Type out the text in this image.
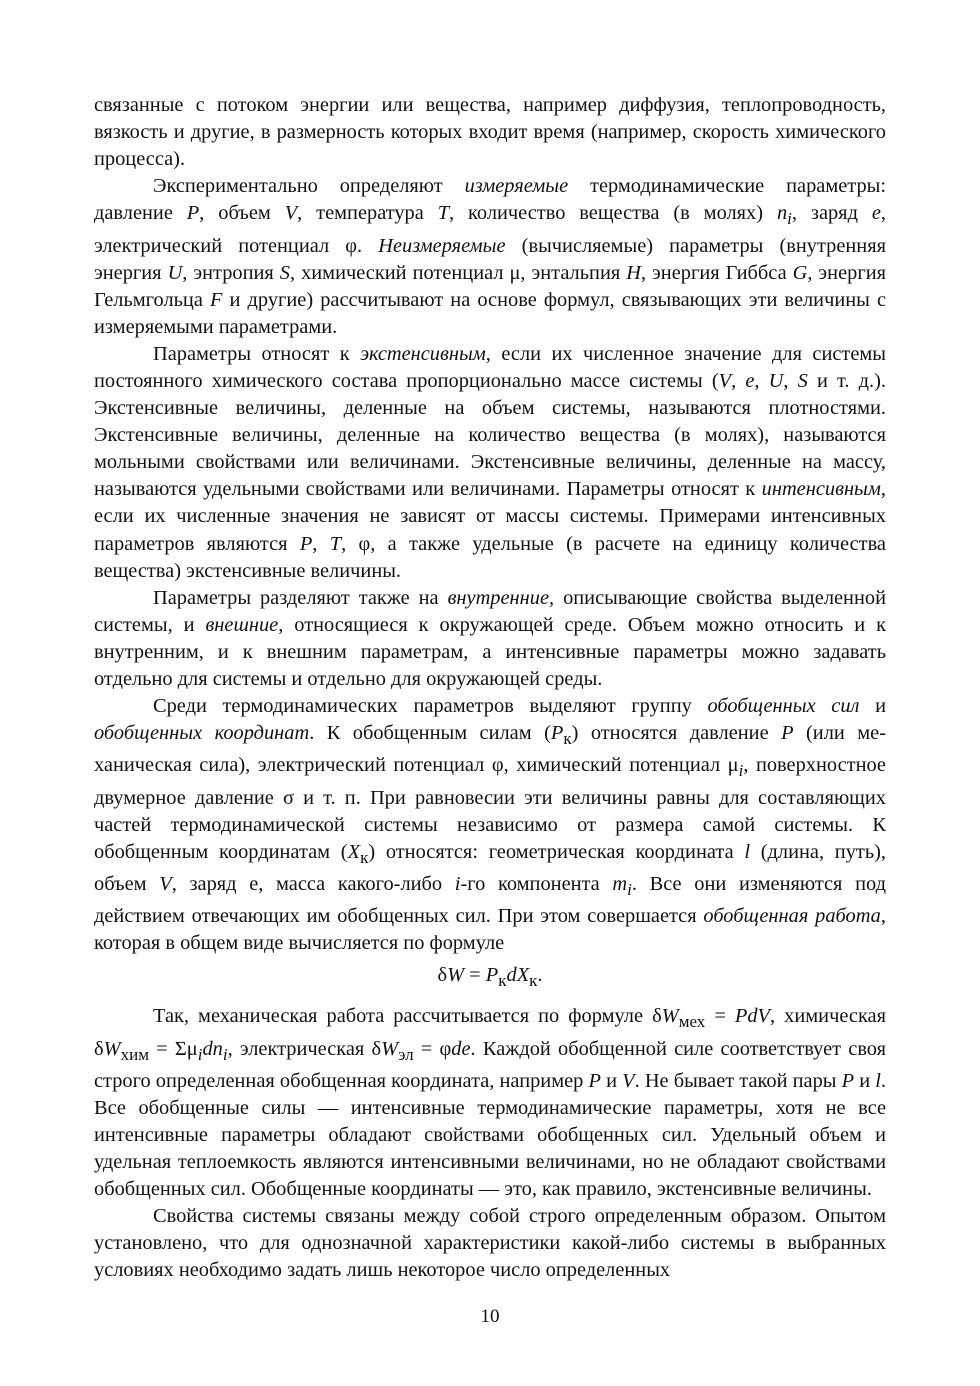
связанные с потоком энергии или вещества, например диффузия, теплопроводность, вязкость и другие, в размерность которых входит время (например, скорость химического процесса).

Экспериментально определяют измеряемые термодинамические параметры: давление P, объем V, температура T, количество вещества (в молях) $n_i$, заряд e, электрический потенциал φ. Неизмеряемые (вычисляемые) параметры (внутренняя энергия U, энтропия S, химический потенциал μ, энтальпия H, энергия Гиббса G, энергия Гельмгольца F и другие) рассчитывают на основе формул, связывающих эти величины с измеряемыми параметрами.

Параметры относят к экстенсивным, если их численное значение для системы постоянного химического состава пропорционально массе системы (V, e, U, S и т. д.). Экстенсивные величины, деленные на объем системы, называются плотностями. Экстенсивные величины, деленные на количество вещества (в молях), называются мольными свойствами или величинами. Экстенсивные величины, деленные на массу, называются удельными свойствами или величинами. Параметры относят к интенсивным, если их численные значения не зависят от массы системы. Примерами интенсивных параметров являются P, T, φ, а также удельные (в расчете на единицу количества вещества) экстенсивные величины.

Параметры разделяют также на внутренние, описывающие свойства выделенной системы, и внешние, относящиеся к окружающей среде. Объем можно относить и к внутренним, и к внешним параметрам, а интенсивные параметры можно задавать отдельно для системы и отдельно для окружающей среды.

Среди термодинамических параметров выделяют группу обобщенных сил и обобщенных координат. К обобщенным силам $(P_к)$ относятся давление P (или механическая сила), электрический потенциал φ, химический потенциал $\mu_i$, поверхностное двумерное давление σ и т. п. При равновесии эти величины равны для составляющих частей термодинамической системы независимо от размера самой системы. К обобщенным координатам $(X_к)$ относятся: геометрическая координата l (длина, путь), объем V, заряд е, масса какого-либо i-го компонента $m_i$. Все они изменяются под действием отвечающих им обобщенных сил. При этом совершается обобщенная работа, которая в общем виде вычисляется по формуле

$\delta W = P_кdX_к$.

Так, механическая работа рассчитывается по формуле $\delta W_{мех}$ = PdV, химическая $\delta W_{хим} = \Sigma\mu_idn_i$, электрическая $\delta W_{эл} = \varphi de$. Каждой обобщенной силе соответствует своя строго определенная обобщенная координата, например P и V. Не бывает такой пары P и l. Все обобщенные силы — интенсивные термодинамические параметры, хотя не все интенсивные параметры обладают свойствами обобщенных сил. Удельный объем и удельная теплоемкость являются интенсивными величинами, но не обладают свойствами обобщенных сил. Обобщенные координаты — это, как правило, экстенсивные величины.

Свойства системы связаны между собой строго определенным образом. Опытом установлено, что для однозначной характеристики какой-либо системы в выбранных условиях необходимо задать лишь некоторое число определенных

10
